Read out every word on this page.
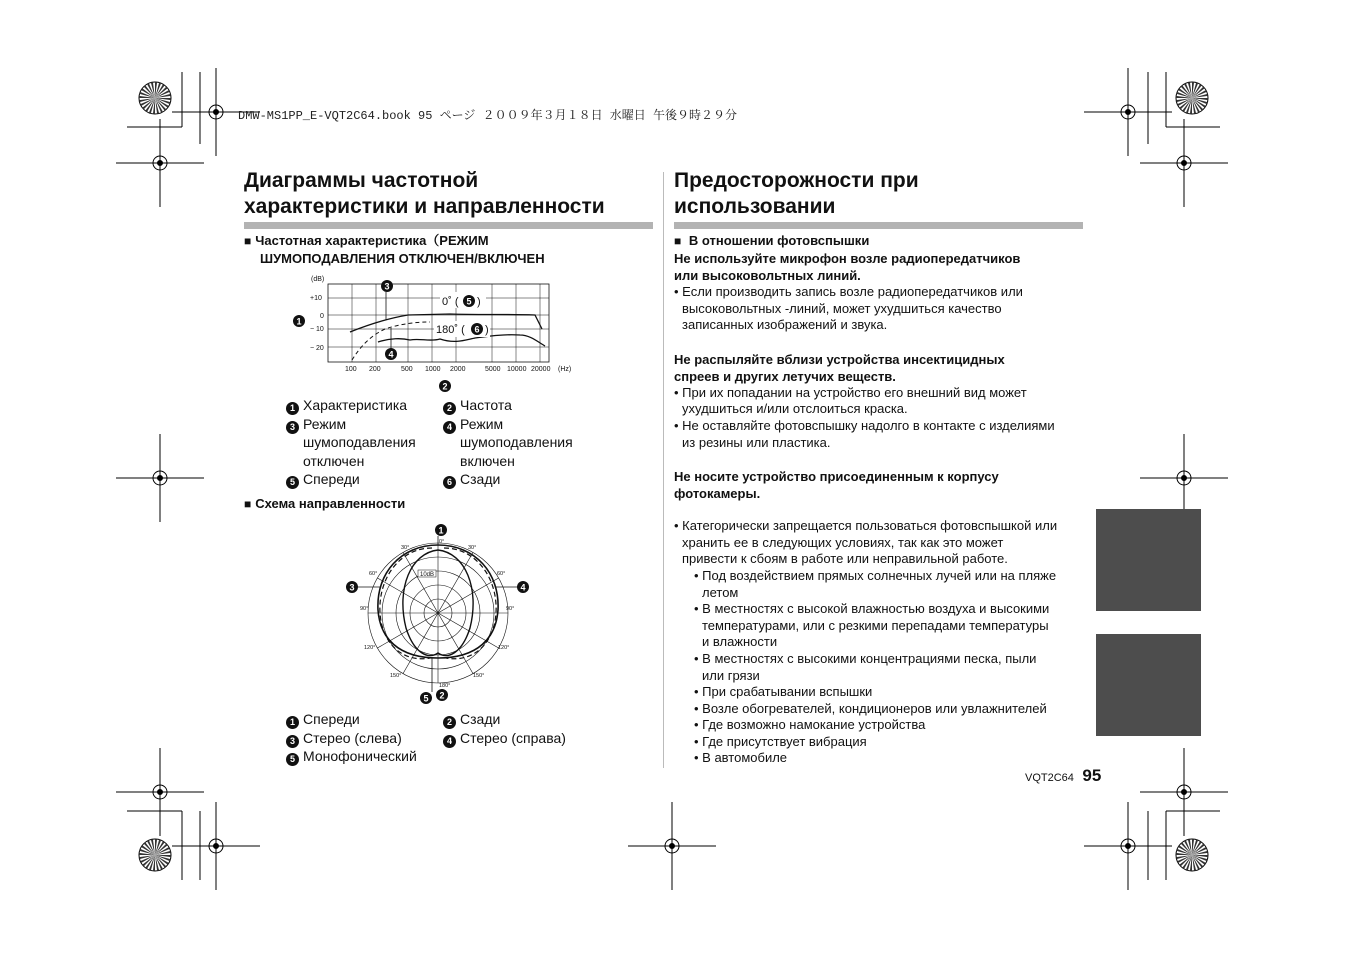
DMW-MS1PP_E-VQT2C64.book 95 ページ ２００９年３月１８日 水曜日 午後９時２９分
Диаграммы частотной
характеристики и направленности
■ Частотная характеристика（РЕЖИМ
ШУМОПОДАВЛЕНИЯ ОТКЛЮЧЕН/ВКЛЮЧЕН
(dB)
+10
0
− 10
− 20
100 200	500 1000 2000	5000 10000 20000 (Hz)
0˚ ( 5 )
180˚ ( 6 )
3
4
1
2
1 Характеристика	2 Частота
3 Режим
шумоподавления
отключен
4 Режим
шумоподавления
включен
5 Спереди	6 Сзади
■ Схема направленности
0°
30°	30°
60°	60°
90°	90°
120°	120°
150°	150°
180°
10dB
1
3	4
5 2
1 Спереди	2 Сзади
3 Стерео (слева)	4 Стерео (справа)
5 Монофонический
Предосторожности при
использовании
■ В отношении фотовспышки
Не используйте микрофон возле радиопередатчиков
или высоковольтных линий.
• Если производить запись возле радиопередатчиков или
высоковольтных -линий, может ухудшиться качество
записанных изображений и звука.
Не распыляйте вблизи устройства инсектицидных
спреев и других летучих веществ.
• При их попадании на устройство его внешний вид может
ухудшиться и/или отслоиться краска.
• Не оставляйте фотовспышку надолго в контакте с изделиями
из резины или пластика.
Не носите устройство присоединенным к корпусу
фотокамеры.
• Категорически запрещается пользоваться фотовспышкой или
хранить ее в следующих условиях, так как это может
привести к сбоям в работе или неправильной работе.
• Под воздействием прямых солнечных лучей или на пляже
летом
• В местностях с высокой влажностью воздуха и высокими
температурами, или с резкими перепадами температуры
и влажности
• В местностях с высокими концентрациями песка, пыли
или грязи
• При срабатывании вспышки
• Возле обогревателей, кондиционеров или увлажнителей
• Где возможно намокание устройства
• Где присутствует вибрация
• В автомобиле
VQT2C64 95
